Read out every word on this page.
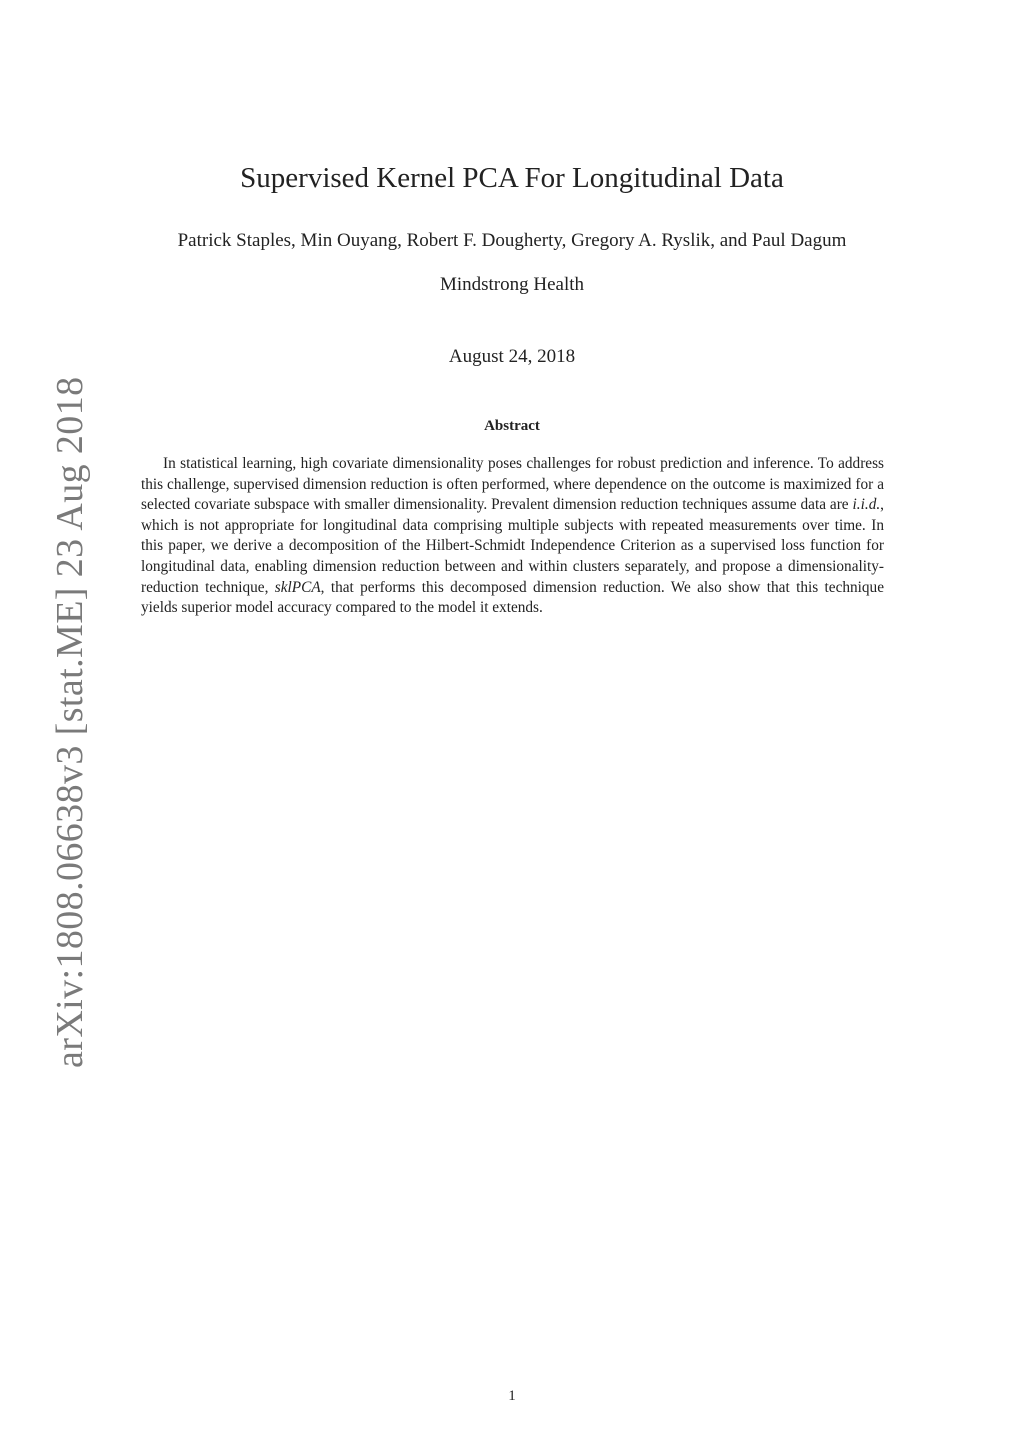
arXiv:1808.06638v3 [stat.ME] 23 Aug 2018
Supervised Kernel PCA For Longitudinal Data
Patrick Staples, Min Ouyang, Robert F. Dougherty, Gregory A. Ryslik, and Paul Dagum
Mindstrong Health
August 24, 2018
Abstract
In statistical learning, high covariate dimensionality poses challenges for robust prediction and inference. To address this challenge, supervised dimension reduction is often performed, where dependence on the outcome is maximized for a selected covariate subspace with smaller dimensionality. Prevalent dimension reduction techniques assume data are i.i.d., which is not appropriate for longitudinal data comprising multiple subjects with repeated measurements over time. In this paper, we derive a decomposition of the Hilbert-Schmidt Independence Criterion as a supervised loss function for longitudinal data, enabling dimension reduction between and within clusters separately, and propose a dimensionality-reduction technique, sklPCA, that performs this decomposed dimension reduction. We also show that this technique yields superior model accuracy compared to the model it extends.
1
